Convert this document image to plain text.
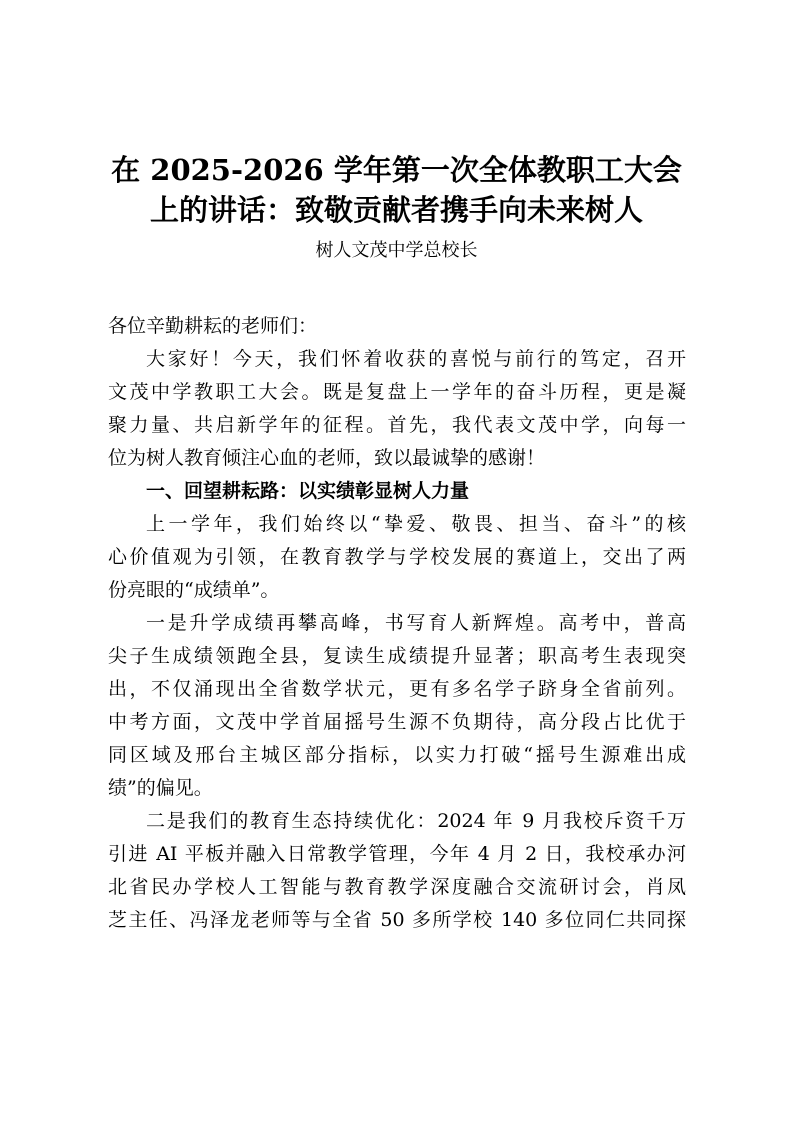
在 2025-2026 学年第一次全体教职工大会
上的讲话：致敬贡献者携手向未来树人

树人文茂中学总校长

各位辛勤耕耘的老师们：
大家好！今天，我们怀着收获的喜悦与前行的笃定，召开
文茂中学教职工大会。既是复盘上一学年的奋斗历程，更是凝
聚力量、共启新学年的征程。首先，我代表文茂中学，向每一
位为树人教育倾注心血的老师，致以最诚挚的感谢！
一、回望耕耘路：以实绩彰显树人力量
上一学年，我们始终以“挚爱、敬畏、担当、奋斗”的核
心价值观为引领，在教育教学与学校发展的赛道上，交出了两
份亮眼的“成绩单”。
一是升学成绩再攀高峰，书写育人新辉煌。高考中，普高
尖子生成绩领跑全县，复读生成绩提升显著；职高考生表现突
出，不仅涌现出全省数学状元，更有多名学子跻身全省前列。
中考方面，文茂中学首届摇号生源不负期待，高分段占比优于
同区域及邢台主城区部分指标，以实力打破“摇号生源难出成
绩”的偏见。
二是我们的教育生态持续优化：2024 年 9 月我校斥资千万
引进 AI 平板并融入日常教学管理，今年 4 月 2 日，我校承办河
北省民办学校人工智能与教育教学深度融合交流研讨会，肖凤
芝主任、冯泽龙老师等与全省 50 多所学校 140 多位同仁共同探
